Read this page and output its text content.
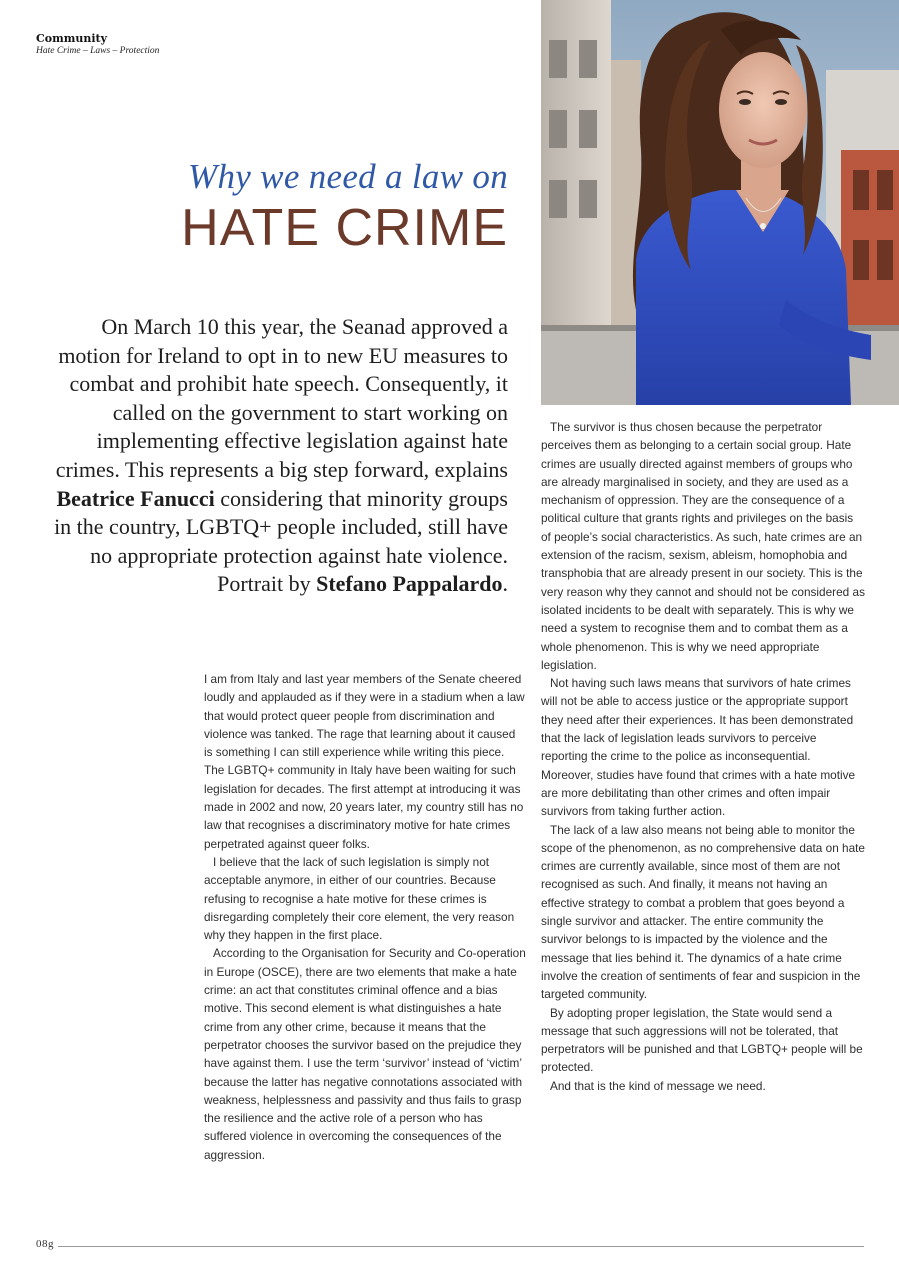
Community
Hate Crime – Laws – Protection
Why we need a law on
HATE CRIME
On March 10 this year, the Seanad approved a motion for Ireland to opt in to new EU measures to combat and prohibit hate speech. Consequently, it called on the government to start working on implementing effective legislation against hate crimes. This represents a big step forward, explains Beatrice Fanucci considering that minority groups in the country, LGBTQ+ people included, still have no appropriate protection against hate violence. Portrait by Stefano Pappalardo.

I am from Italy and last year members of the Senate cheered loudly and applauded as if they were in a stadium when a law that would protect queer people from discrimination and violence was tanked. The rage that learning about it caused is something I can still experience while writing this piece. The LGBTQ+ community in Italy have been waiting for such legislation for decades. The first attempt at introducing it was made in 2002 and now, 20 years later, my country still has no law that recognises a discriminatory motive for hate crimes perpetrated against queer folks.

I believe that the lack of such legislation is simply not acceptable anymore, in either of our countries. Because refusing to recognise a hate motive for these crimes is disregarding completely their core element, the very reason why they happen in the first place.

According to the Organisation for Security and Co-operation in Europe (OSCE), there are two elements that make a hate crime: an act that constitutes criminal offence and a bias motive. This second element is what distinguishes a hate crime from any other crime, because it means that the perpetrator chooses the survivor based on the prejudice they have against them. I use the term ‘survivor’ instead of ‘victim’ because the latter has negative connotations associated with weakness, helplessness and passivity and thus fails to grasp the resilience and the active role of a person who has suffered violence in overcoming the consequences of the aggression.

The survivor is thus chosen because the perpetrator perceives them as belonging to a certain social group. Hate crimes are usually directed against members of groups who are already marginalised in society, and they are used as a mechanism of oppression. They are the consequence of a political culture that grants rights and privileges on the basis of people’s social characteristics. As such, hate crimes are an extension of the racism, sexism, ableism, homophobia and transphobia that are already present in our society. This is the very reason why they cannot and should not be considered as isolated incidents to be dealt with separately. This is why we need a system to recognise them and to combat them as a whole phenomenon. This is why we need appropriate legislation.

Not having such laws means that survivors of hate crimes will not be able to access justice or the appropriate support they need after their experiences. It has been demonstrated that the lack of legislation leads survivors to perceive reporting the crime to the police as inconsequential. Moreover, studies have found that crimes with a hate motive are more debilitating than other crimes and often impair survivors from taking further action.

The lack of a law also means not being able to monitor the scope of the phenomenon, as no comprehensive data on hate crimes are currently available, since most of them are not recognised as such. And finally, it means not having an effective strategy to combat a problem that goes beyond a single survivor and attacker. The entire community the survivor belongs to is impacted by the violence and the message that lies behind it. The dynamics of a hate crime involve the creation of sentiments of fear and suspicion in the targeted community.

By adopting proper legislation, the State would send a message that such aggressions will not be tolerated, that perpetrators will be punished and that LGBTQ+ people will be protected.

And that is the kind of message we need.

08g
